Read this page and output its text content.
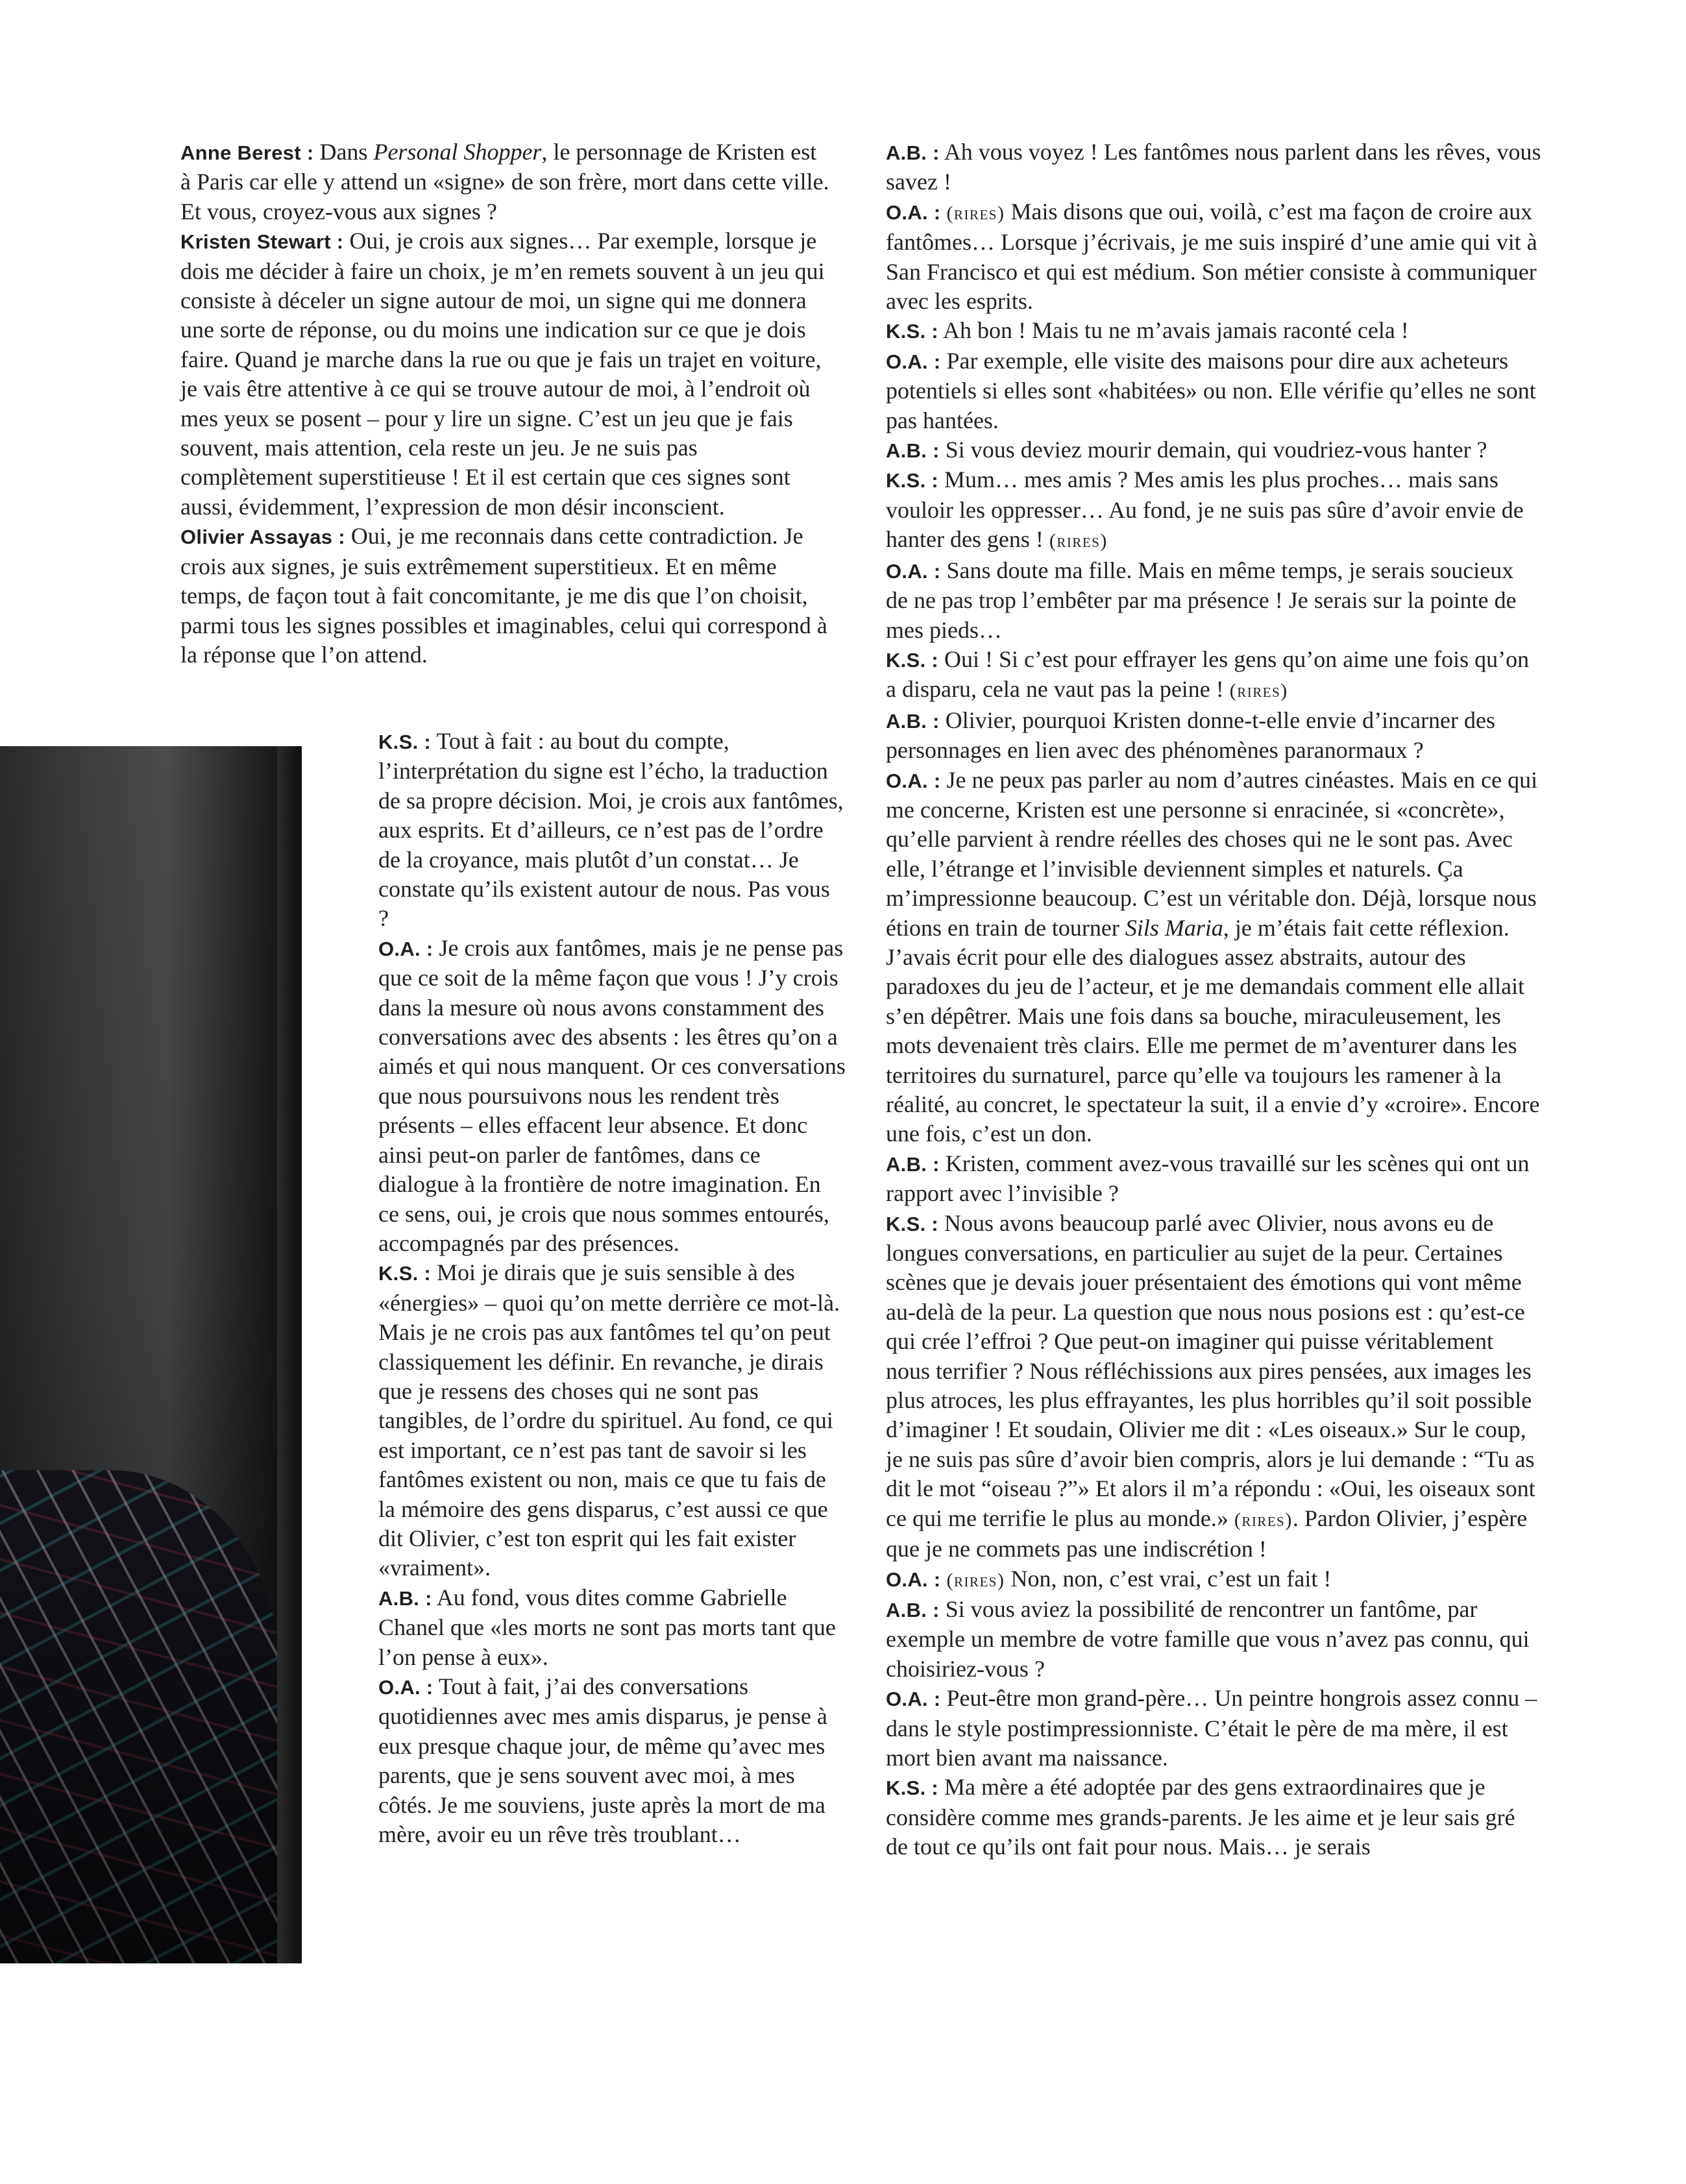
Anne Berest : Dans Personal Shopper, le personnage de Kristen est à Paris car elle y attend un «signe» de son frère, mort dans cette ville. Et vous, croyez-vous aux signes ?

Kristen Stewart : Oui, je crois aux signes… Par exemple, lorsque je dois me décider à faire un choix, je m’en remets souvent à un jeu qui consiste à déceler un signe autour de moi, un signe qui me donnera une sorte de réponse, ou du moins une indication sur ce que je dois faire. Quand je marche dans la rue ou que je fais un trajet en voiture, je vais être attentive à ce qui se trouve autour de moi, à l’endroit où mes yeux se posent – pour y lire un signe. C’est un jeu que je fais souvent, mais attention, cela reste un jeu. Je ne suis pas complètement superstitieuse ! Et il est certain que ces signes sont aussi, évidemment, l’expression de mon désir inconscient.

Olivier Assayas : Oui, je me reconnais dans cette contradiction. Je crois aux signes, je suis extrêmement superstitieux. Et en même temps, de façon tout à fait concomitante, je me dis que l’on choisit, parmi tous les signes possibles et imaginables, celui qui correspond à la réponse que l’on attend.

K.S. : Tout à fait : au bout du compte, l’interprétation du signe est l’écho, la traduction de sa propre décision. Moi, je crois aux fantômes, aux esprits. Et d’ailleurs, ce n’est pas de l’ordre de la croyance, mais plutôt d’un constat… Je constate qu’ils existent autour de nous. Pas vous ?

O.A. : Je crois aux fantômes, mais je ne pense pas que ce soit de la même façon que vous ! J’y crois dans la mesure où nous avons constamment des conversations avec des absents : les êtres qu’on a aimés et qui nous manquent. Or ces conversations que nous poursuivons nous les rendent très présents – elles effacent leur absence. Et donc ainsi peut-on parler de fantômes, dans ce dialogue à la frontière de notre imagination. En ce sens, oui, je crois que nous sommes entourés, accompagnés par des présences.

K.S. : Moi je dirais que je suis sensible à des «énergies» – quoi qu’on mette derrière ce mot-là. Mais je ne crois pas aux fantômes tel qu’on peut classiquement les définir. En revanche, je dirais que je ressens des choses qui ne sont pas tangibles, de l’ordre du spirituel. Au fond, ce qui est important, ce n’est pas tant de savoir si les fantômes existent ou non, mais ce que tu fais de la mémoire des gens disparus, c’est aussi ce que dit Olivier, c’est ton esprit qui les fait exister «vraiment».

A.B. : Au fond, vous dites comme Gabrielle Chanel que «les morts ne sont pas morts tant que l’on pense à eux».

O.A. : Tout à fait, j’ai des conversations quotidiennes avec mes amis disparus, je pense à eux presque chaque jour, de même qu’avec mes parents, que je sens souvent avec moi, à mes côtés. Je me souviens, juste après la mort de ma mère, avoir eu un rêve très troublant…

A.B. : Ah vous voyez ! Les fantômes nous parlent dans les rêves, vous savez !

O.A. : (rires) Mais disons que oui, voilà, c’est ma façon de croire aux fantômes… Lorsque j’écrivais, je me suis inspiré d’une amie qui vit à San Francisco et qui est médium. Son métier consiste à communiquer avec les esprits.

K.S. : Ah bon ! Mais tu ne m’avais jamais raconté cela !

O.A. : Par exemple, elle visite des maisons pour dire aux acheteurs potentiels si elles sont «habitées» ou non. Elle vérifie qu’elles ne sont pas hantées.

A.B. : Si vous deviez mourir demain, qui voudriez-vous hanter ?

K.S. : Mum… mes amis ? Mes amis les plus proches… mais sans vouloir les oppresser… Au fond, je ne suis pas sûre d’avoir envie de hanter des gens ! (rires)

O.A. : Sans doute ma fille. Mais en même temps, je serais soucieux de ne pas trop l’embêter par ma présence ! Je serais sur la pointe de mes pieds…

K.S. : Oui ! Si c’est pour effrayer les gens qu’on aime une fois qu’on a disparu, cela ne vaut pas la peine ! (rires)

A.B. : Olivier, pourquoi Kristen donne-t-elle envie d’incarner des personnages en lien avec des phénomènes paranormaux ?

O.A. : Je ne peux pas parler au nom d’autres cinéastes. Mais en ce qui me concerne, Kristen est une personne si enracinée, si «concrète», qu’elle parvient à rendre réelles des choses qui ne le sont pas. Avec elle, l’étrange et l’invisible deviennent simples et naturels. Ça m’impressionne beaucoup. C’est un véritable don. Déjà, lorsque nous étions en train de tourner Sils Maria, je m’étais fait cette réflexion. J’avais écrit pour elle des dialogues assez abstraits, autour des paradoxes du jeu de l’acteur, et je me demandais comment elle allait s’en dépêtrer. Mais une fois dans sa bouche, miraculeusement, les mots devenaient très clairs. Elle me permet de m’aventurer dans les territoires du surnaturel, parce qu’elle va toujours les ramener à la réalité, au concret, le spectateur la suit, il a envie d’y «croire». Encore une fois, c’est un don.

A.B. : Kristen, comment avez-vous travaillé sur les scènes qui ont un rapport avec l’invisible ?

K.S. : Nous avons beaucoup parlé avec Olivier, nous avons eu de longues conversations, en particulier au sujet de la peur. Certaines scènes que je devais jouer présentaient des émotions qui vont même au-delà de la peur. La question que nous nous posions est : qu’est-ce qui crée l’effroi ? Que peut-on imaginer qui puisse véritablement nous terrifier ? Nous réfléchissions aux pires pensées, aux images les plus atroces, les plus effrayantes, les plus horribles qu’il soit possible d’imaginer ! Et soudain, Olivier me dit : «Les oiseaux.» Sur le coup, je ne suis pas sûre d’avoir bien compris, alors je lui demande : “Tu as dit le mot “oiseau ?”» Et alors il m’a répondu : «Oui, les oiseaux sont ce qui me terrifie le plus au monde.» (rires). Pardon Olivier, j’espère que je ne commets pas une indiscrétion !

O.A. : (rires) Non, non, c’est vrai, c’est un fait !

A.B. : Si vous aviez la possibilité de rencontrer un fantôme, par exemple un membre de votre famille que vous n’avez pas connu, qui choisiriez-vous ?

O.A. : Peut-être mon grand-père… Un peintre hongrois assez connu – dans le style postimpressionniste. C’était le père de ma mère, il est mort bien avant ma naissance.

K.S. : Ma mère a été adoptée par des gens extraordinaires que je considère comme mes grands-parents. Je les aime et je leur sais gré de tout ce qu’ils ont fait pour nous. Mais… je serais
